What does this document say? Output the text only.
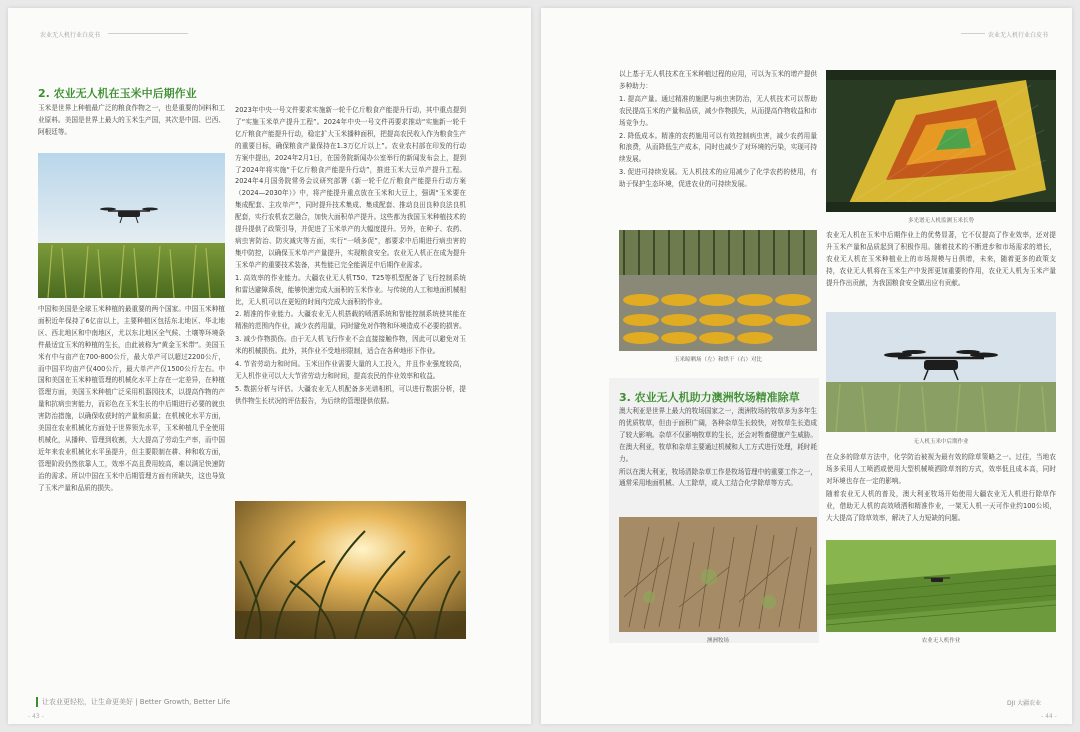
农业无人机行业白皮书
2. 农业无人机在玉米中后期作业

玉米是世界上种植最广泛的粮食作物之一，也是重要的饲料和工业原料。美国是世界上最大的玉米生产国，其次是中国、巴西、阿根廷等。

中国和美国是全球玉米种植的最重要的两个国家。中国玉米种植面积近年保持了6亿亩以上，主要种植区包括东北地区、华北地区、西北地区和中南地区，尤以东北地区全气候、土壤等环境条件最适宜玉米的种植的生长，由此被称为“黄金玉米带”。美国玉米有中与亩产在700-800公斤，最大单产可以超过2200公斤，而中国平均亩产仅400公斤，最大单产产仅1500公斤左右。中国和美国在玉米种植管理的机械化水平上存在一定差异，在种植管理方面，美国玉米种植广泛采用机器园技术，以提高作物的产量和抗病虫害能力，而彩色在玉米生长的中后期进行必要的就虫害防治措施，以确保收获时的产量和质量；在机械化水平方面，美国在农业机械化方面处于世界领先水平，玉米种植几乎全使用机械化，从播种、管理到收割，大大提高了劳动生产率，而中国近年来农业机械化水平虽提升，但主要限制在耕、种和收方面，管理阶段仍然依靠人工，效率不高且费用较高，难以满足快速防治的需求。所以中国在玉米中后期管理方面有所缺失，这也导致了玉米产量和品质的损失。

2023年中央一号文件要求实施新一轮千亿斤粮食产能提升行动，其中重点提到了“实施玉米单产提升工程”。2024年中央一号文件再要求推动“实施新一轮千亿斤粮食产能提升行动，稳定扩大玉米播种面积，把提高农民收入作为粮食生产的重要目标，确保粮食产量保持在1.3万亿斤以上”。农业农村部在印发的行动方案中提出，2024年2月1日，在国务院新闻办公室举行的新闻发布会上，提到了2024年将实施“千亿斤粮食产能提升行动”，推进玉米大豆单产提升工程。2024年4月国务院常务会议研究部署《新一轮千亿斤粮食产能提升行动方案（2024—2030年）》中，将产能提升重点放在玉米和大豆上，强调“玉米要在集成配套、主攻单产”，同时提升技术集成、集成配套、推动良田良种良法良机配套，实行农机农艺融合，加快大面积单产提升。这些都为我国玉米种植技术的提升提供了政策引导，并促进了玉米单产的大幅度提升。另外，在种子、农药、病虫害防治、防灾减灾等方面，实行“一喷多促”，都要求中后期进行病虫害的集中防控，以确保玉米单产产量提升，实现粮食安全。农业无人机正在成为提升玉米单产的重要技术装备，其性能已完全能满足中后期作业需求。

1. 高效率的作业能力。大疆农业无人机T50、T25等机型配备了飞行控制系统和雷达避障系统，能够快速完成大面积的玉米作业。与传统的人工和地面机械相比，无人机可以在更短的时间内完成大面积的作业。

2. 精准的作业能力。大疆农业无人机搭载的喷洒系统和智能控制系统使其能在精准的范围内作业，减少农药用量，同时避免对作物和环境造成不必要的损害。

3. 减少作物损伤。由于无人机飞行作业不会直接接触作物，因此可以避免对玉米的机械损伤。此外，其作业不受地形限制，适合在各种地形下作业。

4. 节省劳动力和时间。玉米田作业需要大量的人工投入，并且作业强度较高，无人机作业可以大大节省劳动力和时间，提高农民的作业效率和收益。

5. 数据分析与评估。大疆农业无人机配备多光谱相机，可以进行数据分析，提供作物生长状况的评估报告，为后续的管理提供依据。

让农业更轻松，让生命更美好 | Better Growth, Better Life
- 43 -
农业无人机行业白皮书

以上基于无人机技术在玉米种植过程的应用，可以为玉米的增产提供多种助力：

1. 提高产量。通过精准的施肥与病虫害防治，无人机技术可以帮助农民提高玉米的产量和品质，减少作物损失，从而提高作物收益和市场竞争力。

2. 降低成本。精准的农药施用可以有效控制病虫害，减少农药用量和浪费，从而降低生产成本，同时也减少了对环境的污染，实现可持续发展。

3. 促进可持续发展。无人机技术的应用减少了化学农药的使用，有助于保护生态环境，促进农业的可持续发展。

多光谱无人机监测玉米长势
玉米晾晒场（左）和烘干（右）对比

农业无人机在玉米中后期作业上的优势显著，它不仅提高了作业效率，还对提升玉米产量和品质起到了积极作用。随着技术的不断进步和市场需求的增长，农业无人机在玉米种植业上的市场规模与日俱增，未来，随着更多的政策支持，农业无人机将在玉米生产中发挥更加重要的作用，农业无人机为玉米产量提升作出贡献，为我国粮食安全做出应有贡献。

无人机玉米中后期作业
3. 农业无人机助力澳洲牧场精准除草

澳大利亚是世界上最大的牧场国家之一，澳洲牧场的牧草多为多年生的优质牧草，但由于面积广阔，各种杂草生长较快，对牧草生长造成了较大影响。杂草不仅影响牧草的生长，还会对牲畜健康产生威胁。在澳大利亚，牧草和杂草主要通过机械和人工方式进行处理，耗时耗力。

所以在澳大利亚，牧场清除杂草工作是牧场管理中的重要工作之一，通常采用地面机械、人工除草，或人工结合化学除草等方式。

在众多的除草方法中，化学防治被视为最有效的除草策略之一。过往，当地农场多采用人工喷洒或使用大型机械喷洒除草剂的方式，效率低且成本高，同时对环境也存在一定的影响。

随着农业无人机的普及，澳大利亚牧场开始使用大疆农业无人机进行除草作业，借助无人机的高效喷洒和精准作业，一架无人机一天可作业约100公顷，大大提高了除草效率，解决了人力短缺的问题。

澳洲牧场	农业无人机作业
DJI 大疆农业
- 44 -
